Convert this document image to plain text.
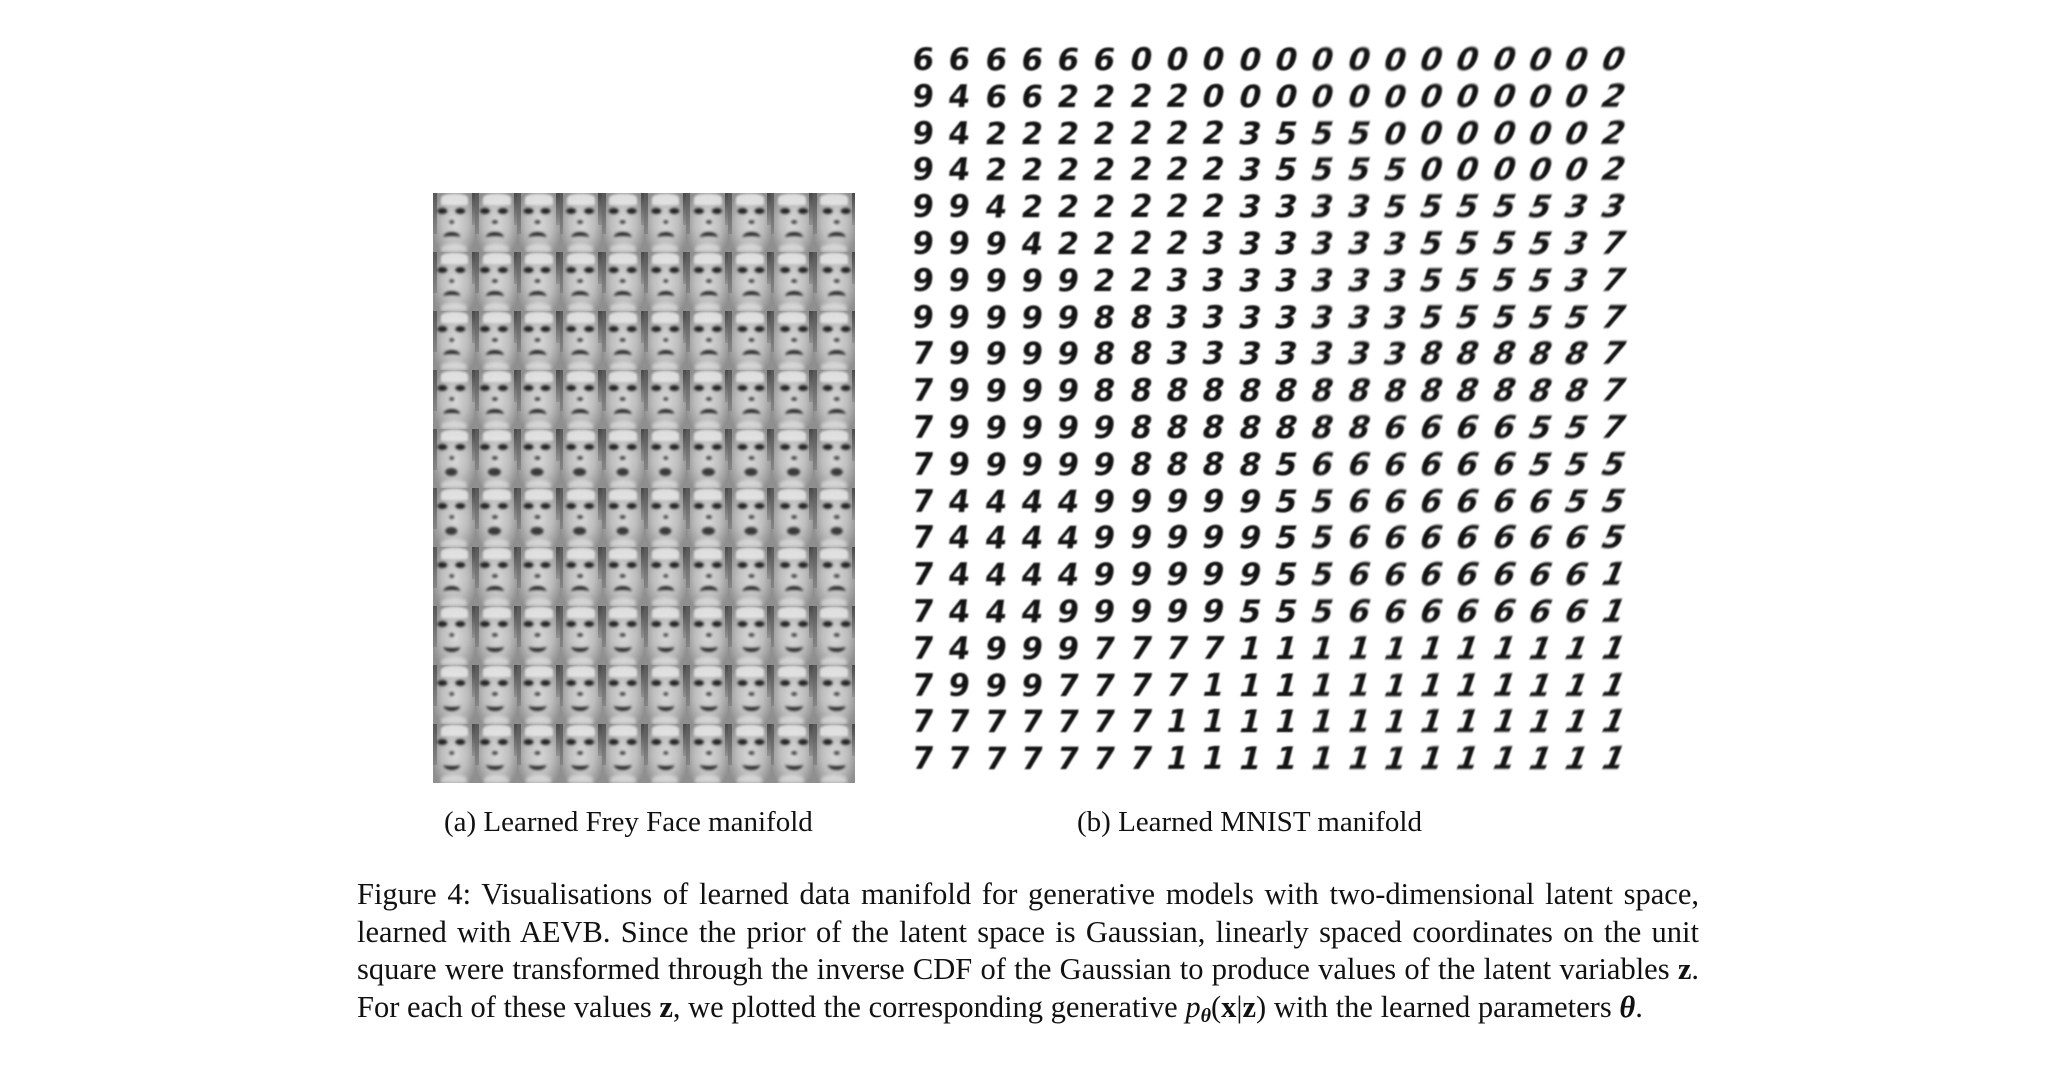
6 6 6 6 6 6 0 0 0 0 0 0 0 0 0 0 0 0 0 0
9 4 6 6 2 2 2 2 0 0 0 0 0 0 0 0 0 0 0 2
9 4 2 2 2 2 2 2 2 3 5 5 5 0 0 0 0 0 0 2
9 4 2 2 2 2 2 2 2 3 5 5 5 5 0 0 0 0 0 2
9 9 4 2 2 2 2 2 2 3 3 3 3 5 5 5 5 5 3 3
9 9 9 4 2 2 2 2 3 3 3 3 3 3 5 5 5 5 3 7
9 9 9 9 9 2 2 3 3 3 3 3 3 3 5 5 5 5 3 7
9 9 9 9 9 8 8 3 3 3 3 3 3 3 5 5 5 5 5 7
7 9 9 9 9 8 8 3 3 3 3 3 3 3 8 8 8 8 8 7
7 9 9 9 9 8 8 8 8 8 8 8 8 8 8 8 8 8 8 7
7 9 9 9 9 9 8 8 8 8 8 8 8 6 6 6 6 5 5 7
7 9 9 9 9 9 8 8 8 8 5 6 6 6 6 6 6 5 5 5
7 4 4 4 4 9 9 9 9 9 5 5 6 6 6 6 6 6 5 5
7 4 4 4 4 9 9 9 9 9 5 5 6 6 6 6 6 6 6 5
7 4 4 4 4 9 9 9 9 9 5 5 6 6 6 6 6 6 6 1
7 4 4 4 9 9 9 9 9 5 5 5 6 6 6 6 6 6 6 1
7 4 9 9 9 7 7 7 7 1 1 1 1 1 1 1 1 1 1 1
7 9 9 9 7 7 7 7 1 1 1 1 1 1 1 1 1 1 1 1
7 7 7 7 7 7 7 1 1 1 1 1 1 1 1 1 1 1 1 1
7 7 7 7 7 7 7 1 1 1 1 1 1 1 1 1 1 1 1 1
(a) Learned Frey Face manifold	(b) Learned MNIST manifold
Figure 4: Visualisations of learned data manifold for generative models with two-dimensional latent space, learned with AEVB. Since the prior of the latent space is Gaussian, linearly spaced coordinates on the unit square were transformed through the inverse CDF of the Gaussian to produce values of the latent variables z. For each of these values z, we plotted the corresponding generative $p_\theta(x|z)$ with the learned parameters θ.
